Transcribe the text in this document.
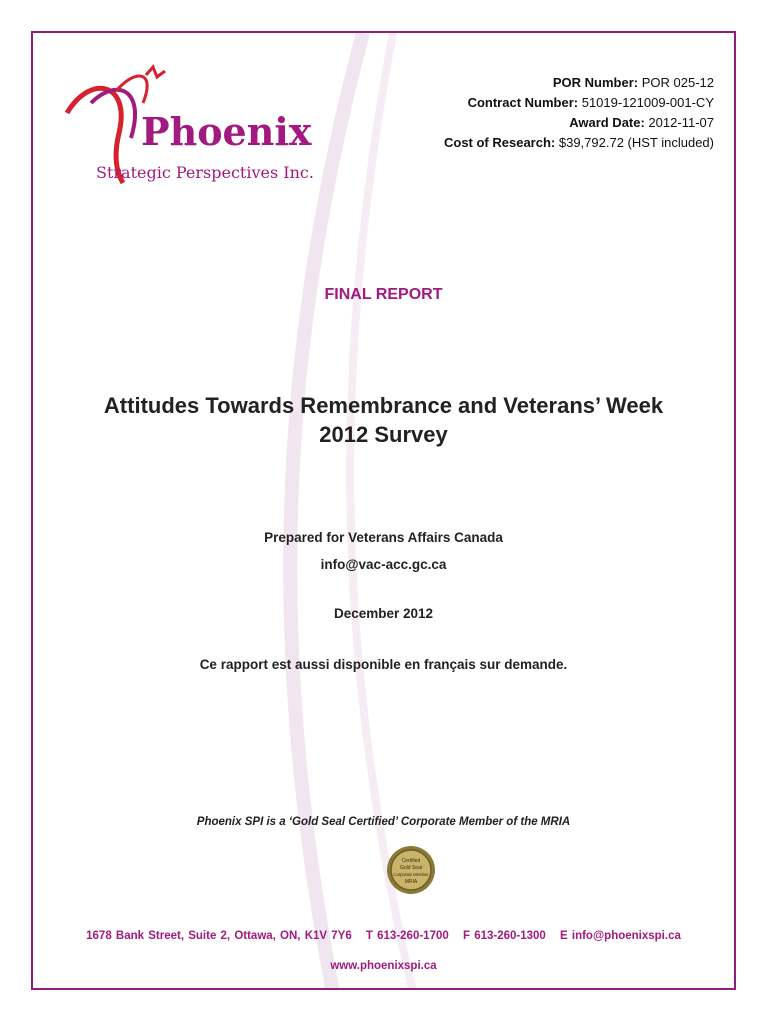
Phoenix
Strategic Perspectives Inc.
POR Number: POR 025-12
Contract Number: 51019-121009-001-CY
Award Date: 2012-11-07
Cost of Research: $39,792.72 (HST included)
FINAL REPORT
Attitudes Towards Remembrance and Veterans’ Week
2012 Survey
Prepared for Veterans Affairs Canada
info@vac-acc.gc.ca
December 2012
Ce rapport est aussi disponible en français sur demande.
Phoenix SPI is a ‘Gold Seal Certified’ Corporate Member of the MRIA
Certified
Gold Seal
Corporate Member
MRIA
1678 Bank Street, Suite 2, Ottawa, ON, K1V 7Y6 T 613-260-1700 F 613-260-1300 E info@phoenixspi.ca
www.phoenixspi.ca
